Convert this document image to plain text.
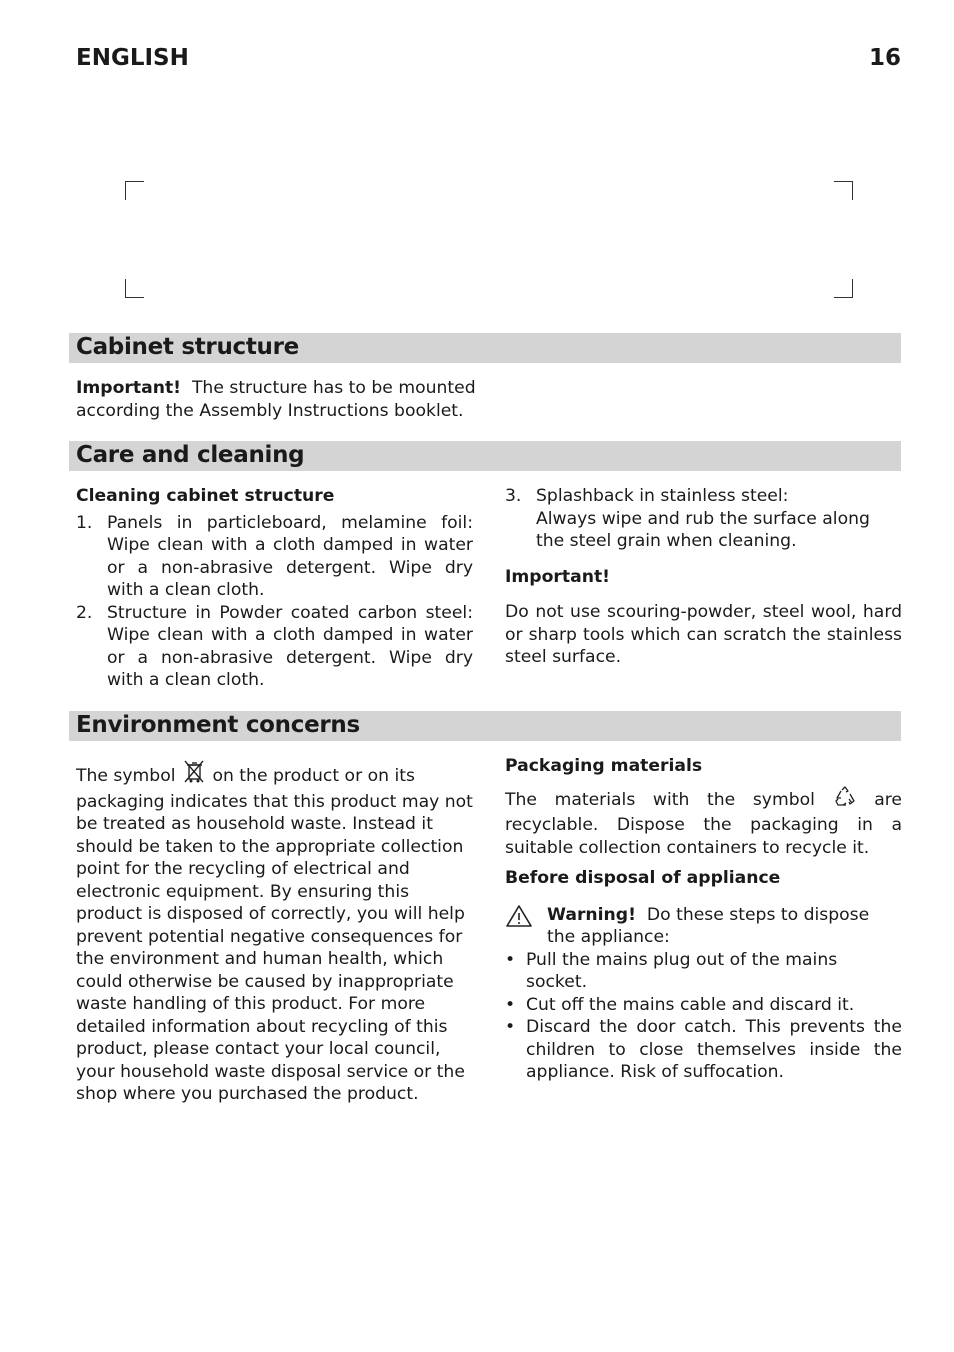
ENGLISH	16
Cabinet structure
Important! The structure has to be mounted according the Assembly Instructions booklet.
Care and cleaning

Cleaning cabinet structure

1. Panels in particleboard, melamine foil: Wipe clean with a cloth damped in water or a non-abrasive detergent. Wipe dry with a clean cloth.
2. Structure in Powder coated carbon steel: Wipe clean with a cloth damped in water or a non-abrasive detergent. Wipe dry with a clean cloth.
3. Splashback in stainless steel:
Always wipe and rub the surface along the steel grain when cleaning.

Important!

Do not use scouring-powder, steel wool, hard or sharp tools which can scratch the stainless steel surface.

Environment concerns
The symbol on the product or on its packaging indicates that this product may not be treated as household waste. Instead it should be taken to the appropriate collection point for the recycling of electrical and electronic equipment. By ensuring this product is disposed of correctly, you will help prevent potential negative consequences for the environment and human health, which could otherwise be caused by inappropriate waste handling of this product. For more detailed information about recycling of this product, please contact your local council, your household waste disposal service or the shop where you purchased the product.

Packaging materials

The materials with the symbol	are recyclable. Dispose the packaging in a suitable collection containers to recycle it.

Before disposal of appliance

Warning! Do these steps to dispose the appliance:
• Pull the mains plug out of the mains socket.
• Cut off the mains cable and discard it.
• Discard the door catch. This prevents the children to close themselves inside the appliance. Risk of suffocation.
